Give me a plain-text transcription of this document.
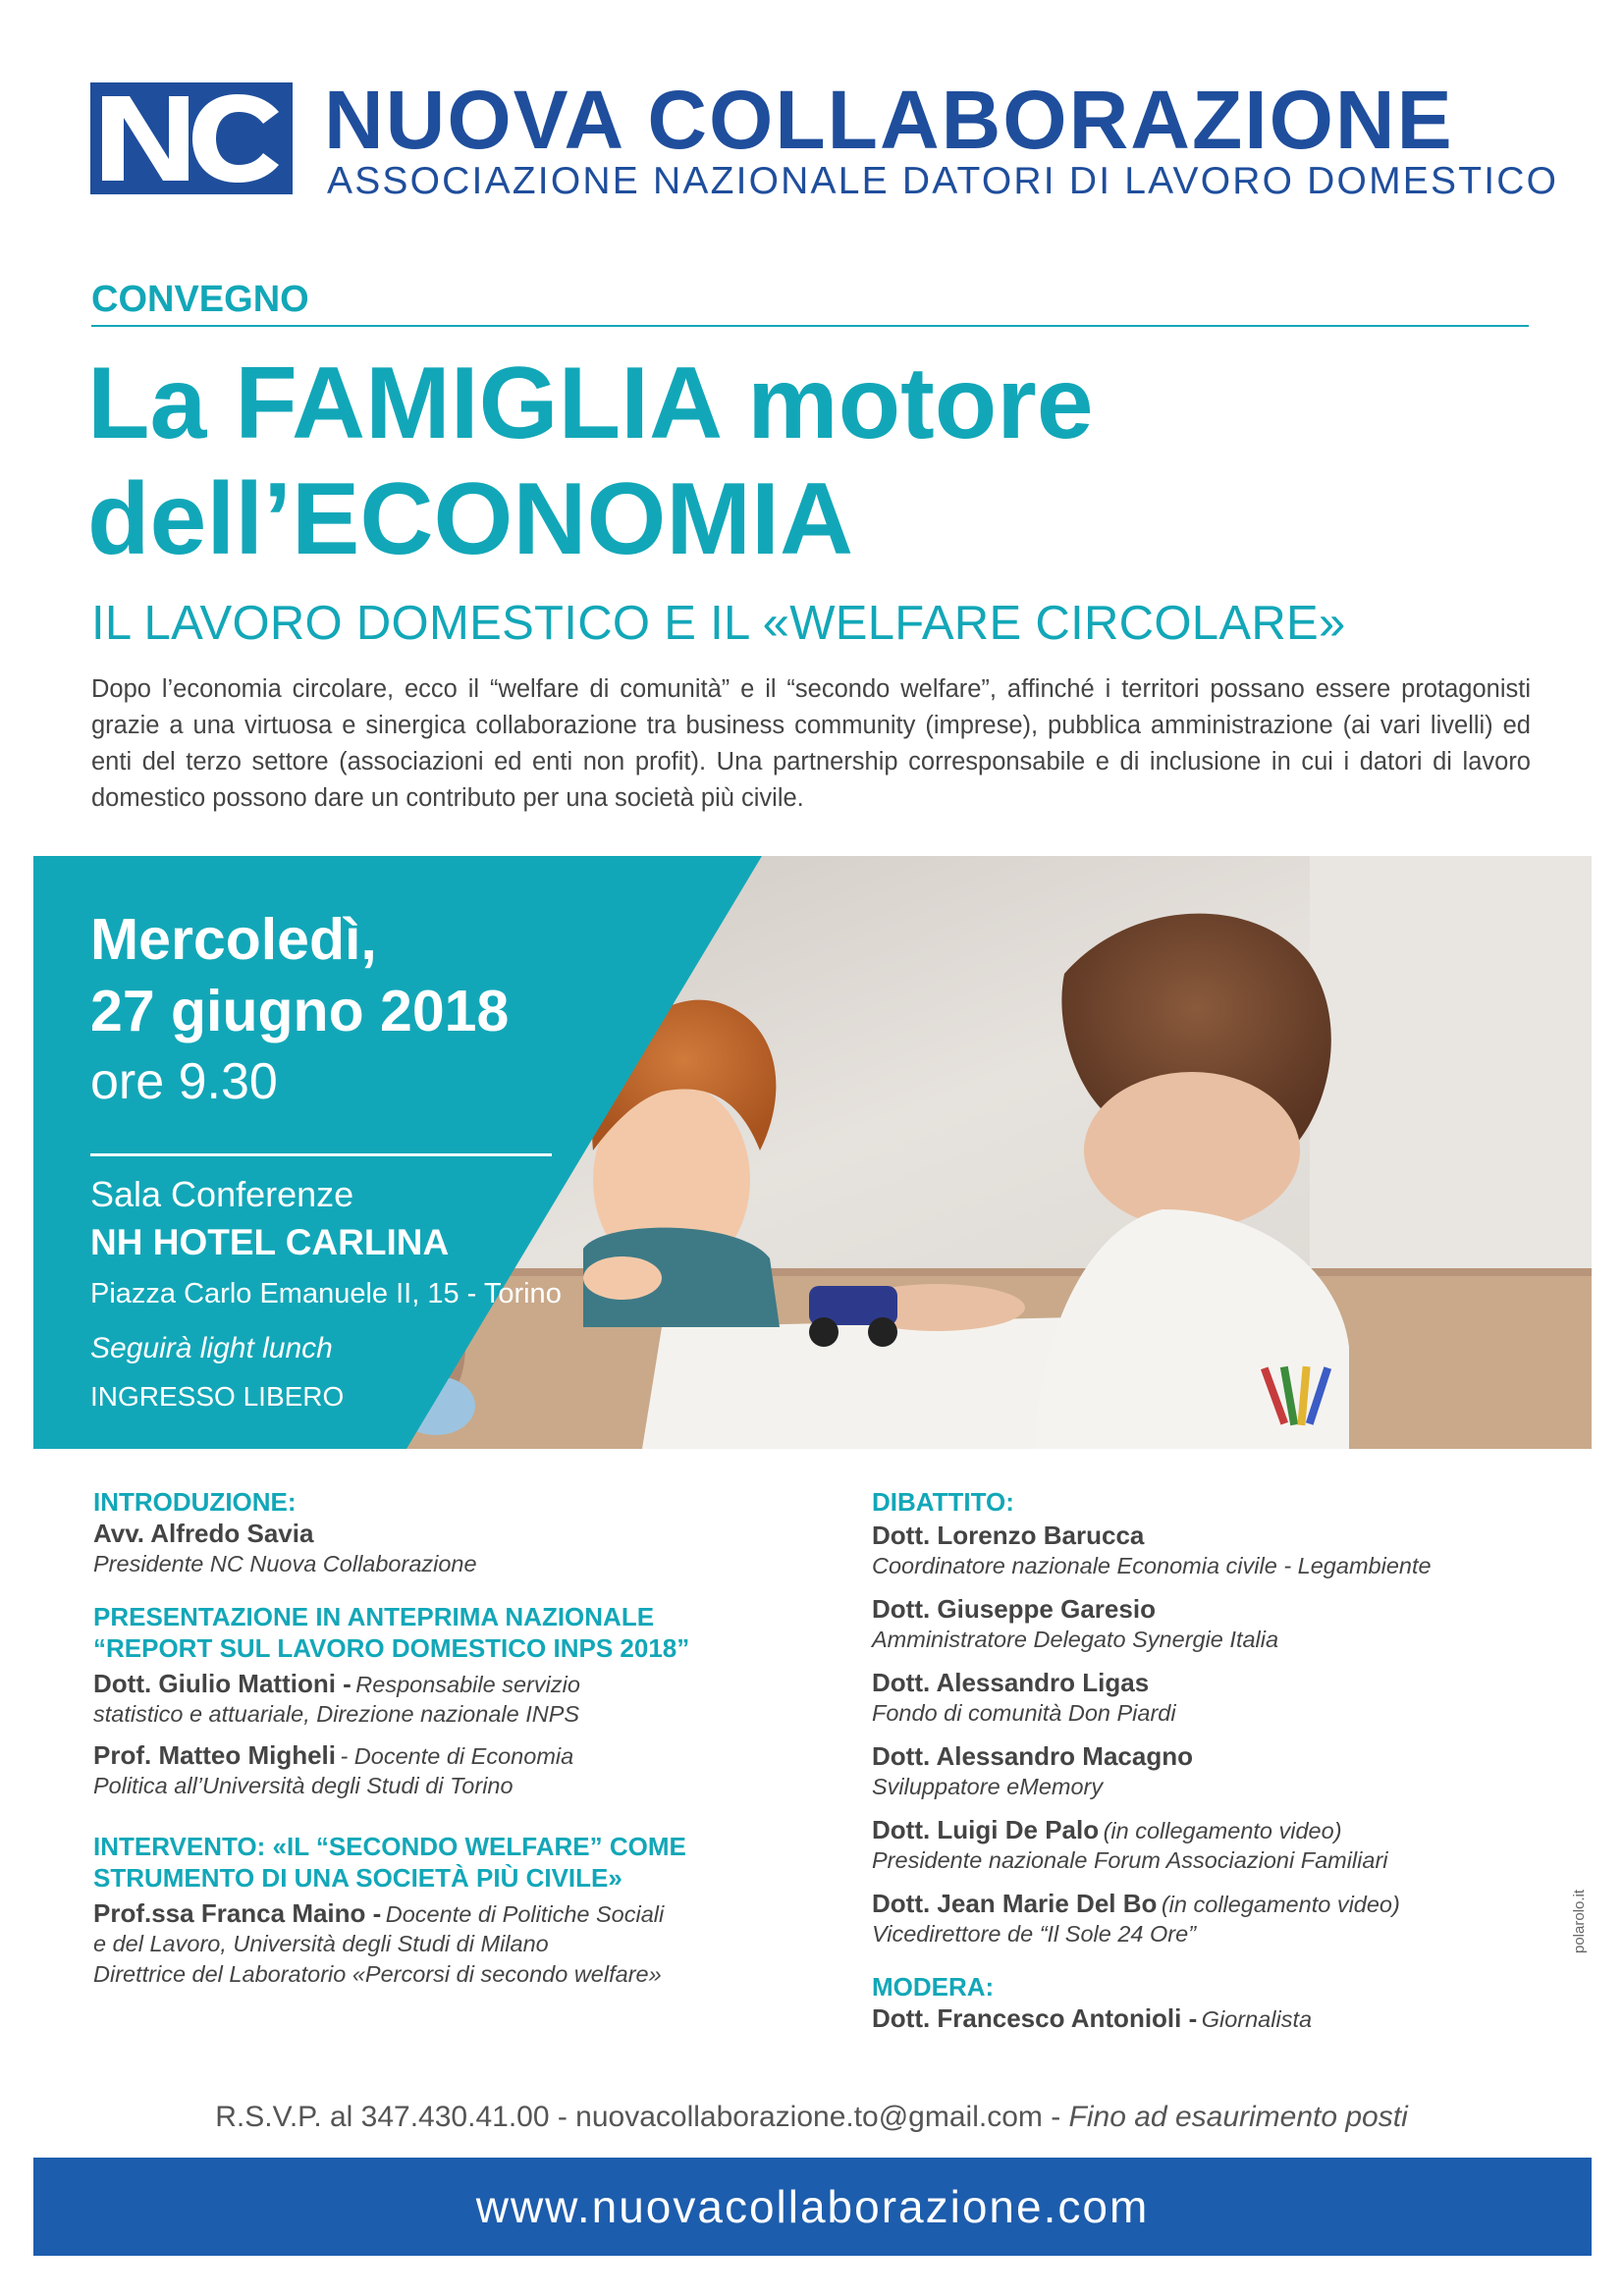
NUOVA COLLABORAZIONE
ASSOCIAZIONE NAZIONALE DATORI DI LAVORO DOMESTICO
CONVEGNO
La FAMIGLIA motore
dell’ECONOMIA
IL LAVORO DOMESTICO E IL «WELFARE CIRCOLARE»
Dopo l’economia circolare, ecco il “welfare di comunità” e il “secondo welfare”, affinché i territori possano essere protagonisti grazie a una virtuosa e sinergica collaborazione tra business community (imprese), pubblica amministrazione (ai vari livelli) ed enti del terzo settore (associazioni ed enti non profit). Una partnership corresponsabile e di inclusione in cui i datori di lavoro domestico possono dare un contributo per una società più civile.
Mercoledì,
27 giugno 2018
ore 9.30
Sala Conferenze
NH HOTEL CARLINA
Piazza Carlo Emanuele II, 15 - Torino
Seguirà light lunch
INGRESSO LIBERO
INTRODUZIONE:
Avv. Alfredo Savia
Presidente NC Nuova Collaborazione
PRESENTAZIONE IN ANTEPRIMA NAZIONALE
“REPORT SUL LAVORO DOMESTICO INPS 2018”
Dott. Giulio Mattioni - Responsabile servizio
statistico e attuariale, Direzione nazionale INPS
Prof. Matteo Migheli - Docente di Economia
Politica all’Università degli Studi di Torino
INTERVENTO: «IL “SECONDO WELFARE” COME
STRUMENTO DI UNA SOCIETÀ PIÙ CIVILE»
Prof.ssa Franca Maino - Docente di Politiche Sociali
e del Lavoro, Università degli Studi di Milano
Direttrice del Laboratorio «Percorsi di secondo welfare»
DIBATTITO:
Dott. Lorenzo Barucca
Coordinatore nazionale Economia civile - Legambiente
Dott. Giuseppe Garesio
Amministratore Delegato Synergie Italia
Dott. Alessandro Ligas
Fondo di comunità Don Piardi
Dott. Alessandro Macagno
Sviluppatore eMemory
Dott. Luigi De Palo (in collegamento video)
Presidente nazionale Forum Associazioni Familiari
Dott. Jean Marie Del Bo (in collegamento video)
Vicedirettore de “Il Sole 24 Ore”
MODERA:
Dott. Francesco Antonioli - Giornalista
polarolo.it
R.S.V.P. al 347.430.41.00 - nuovacollaborazione.to@gmail.com - Fino ad esaurimento posti
www.nuovacollaborazione.com
